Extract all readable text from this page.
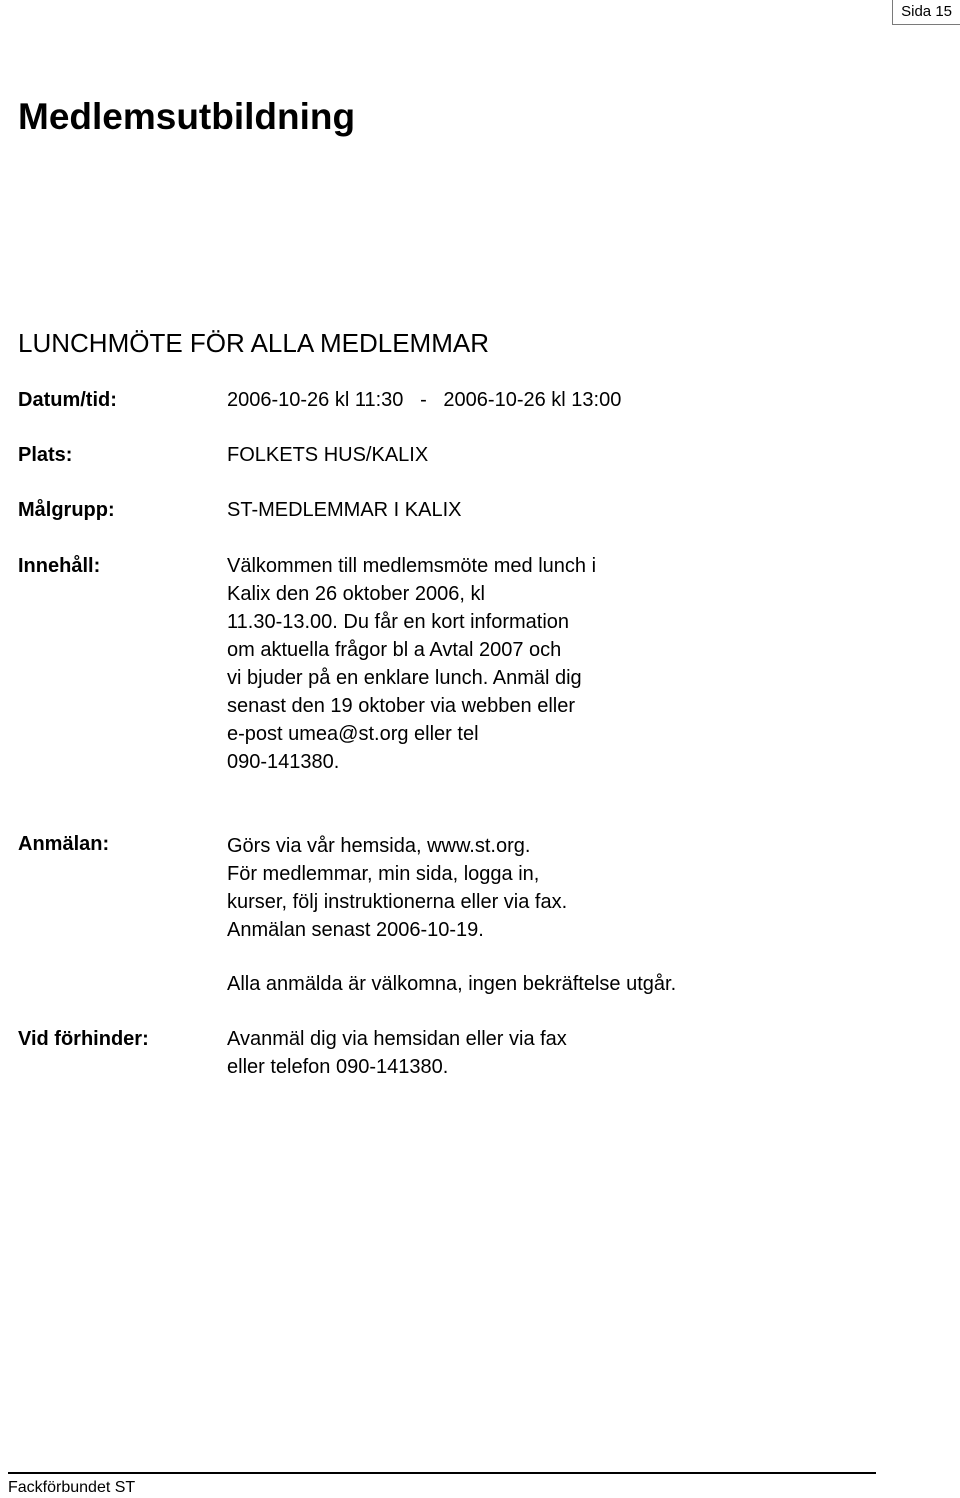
Sida 15
Medlemsutbildning
LUNCHMÖTE FÖR ALLA MEDLEMMAR
Datum/tid:	2006-10-26 kl 11:30   -   2006-10-26 kl 13:00
Plats:	FOLKETS HUS/KALIX
Målgrupp:	ST-MEDLEMMAR I KALIX
Innehåll:	Välkommen till medlemsmöte med lunch i

Kalix den 26 oktober 2006, kl

11.30-13.00. Du får en kort information

om aktuella frågor bl a Avtal 2007 och

vi bjuder på en enklare lunch. Anmäl dig

senast den 19 oktober via webben eller

e-post umea@st.org eller tel

090-141380.

Anmälan:	Görs via vår hemsida, www.st.org.

För medlemmar, min sida, logga in,

kurser, följ instruktionerna eller via fax.

Anmälan senast 2006-10-19.

Alla anmälda är välkomna, ingen bekräftelse utgår.
Vid förhinder:	Avanmäl dig via hemsidan eller via fax

eller telefon 090-141380.

Fackförbundet ST
